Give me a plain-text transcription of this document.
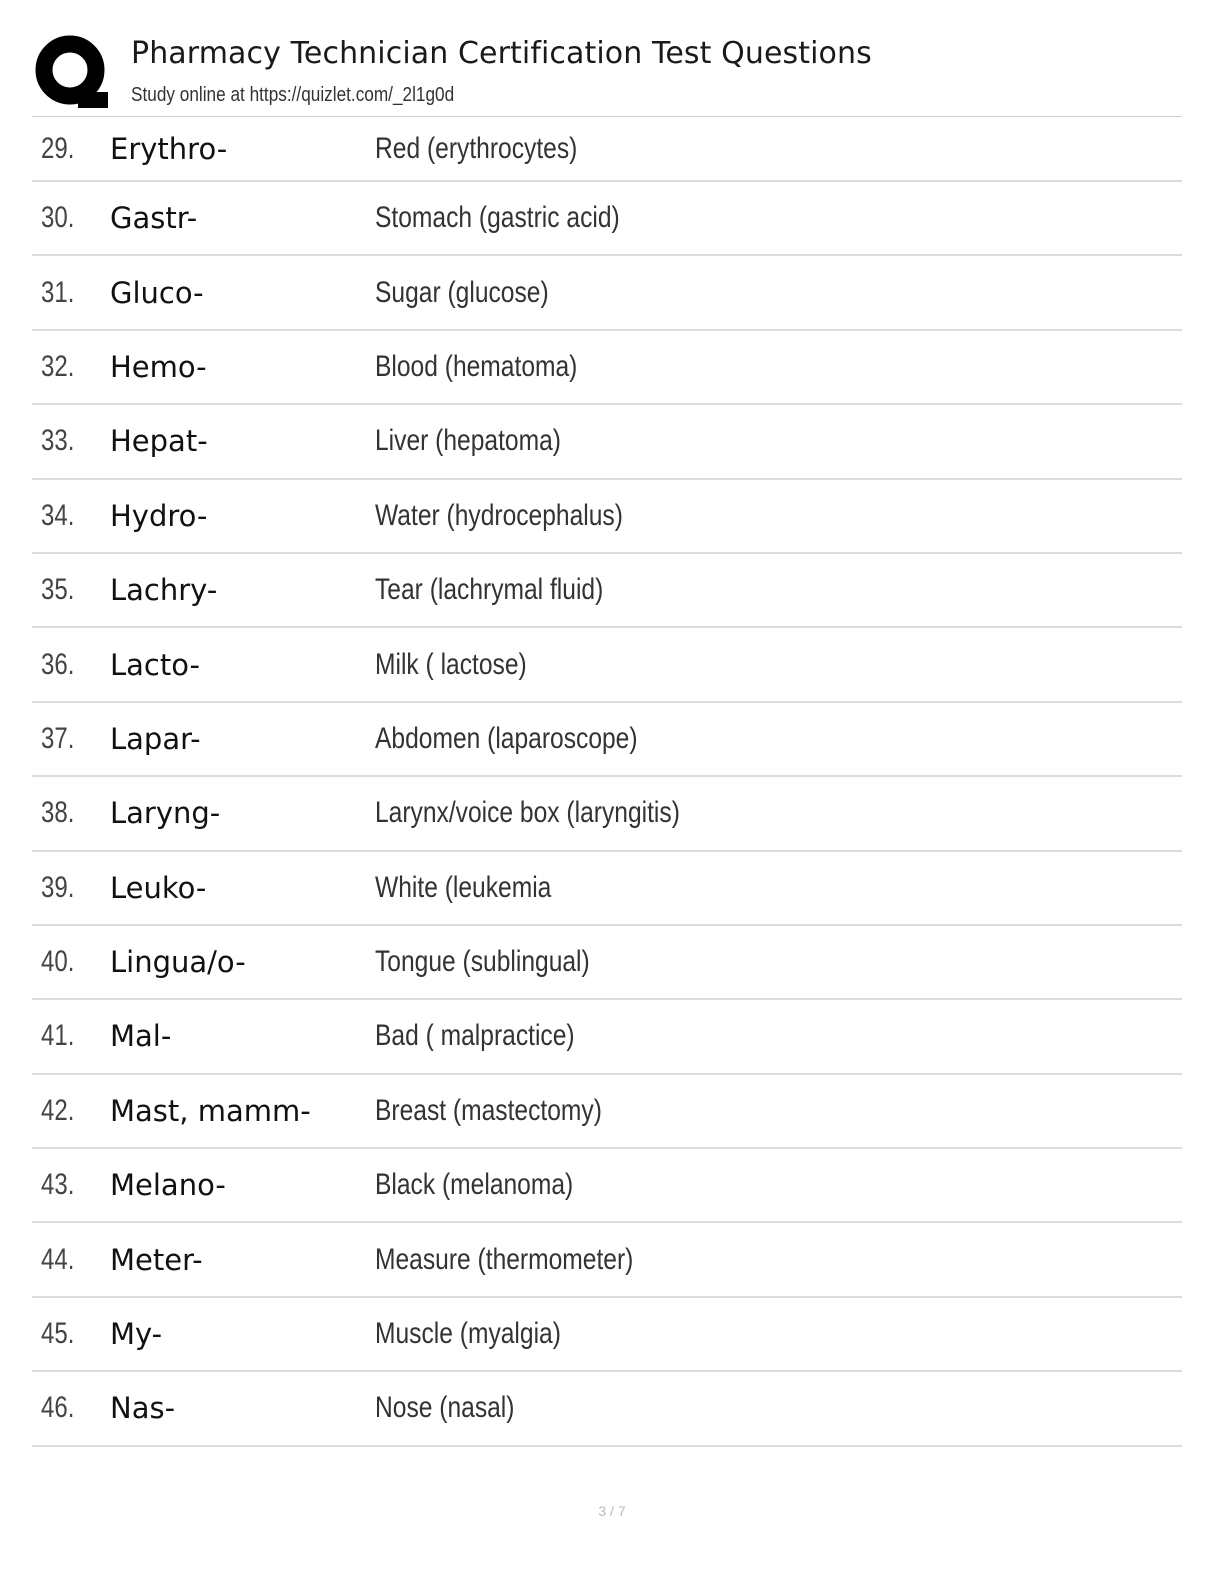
Pharmacy Technician Certification Test Questions
Study online at https://quizlet.com/_2l1g0d
29. Erythro-	Red (erythrocytes)
30. Gastr-	Stomach (gastric acid)
31. Gluco-	Sugar (glucose)
32. Hemo-	Blood (hematoma)
33. Hepat-	Liver (hepatoma)
34. Hydro-	Water (hydrocephalus)
35. Lachry-	Tear (lachrymal fluid)
36. Lacto-	Milk ( lactose)
37. Lapar-	Abdomen (laparoscope)
38. Laryng-	Larynx/voice box (laryngitis)
39. Leuko-	White (leukemia
40. Lingua/o-	Tongue (sublingual)
41. Mal-	Bad ( malpractice)
42. Mast, mamm- Breast (mastectomy)
43. Melano-	Black (melanoma)
44. Meter-	Measure (thermometer)
45. My-	Muscle (myalgia)
46. Nas-	Nose (nasal)
3 / 7
